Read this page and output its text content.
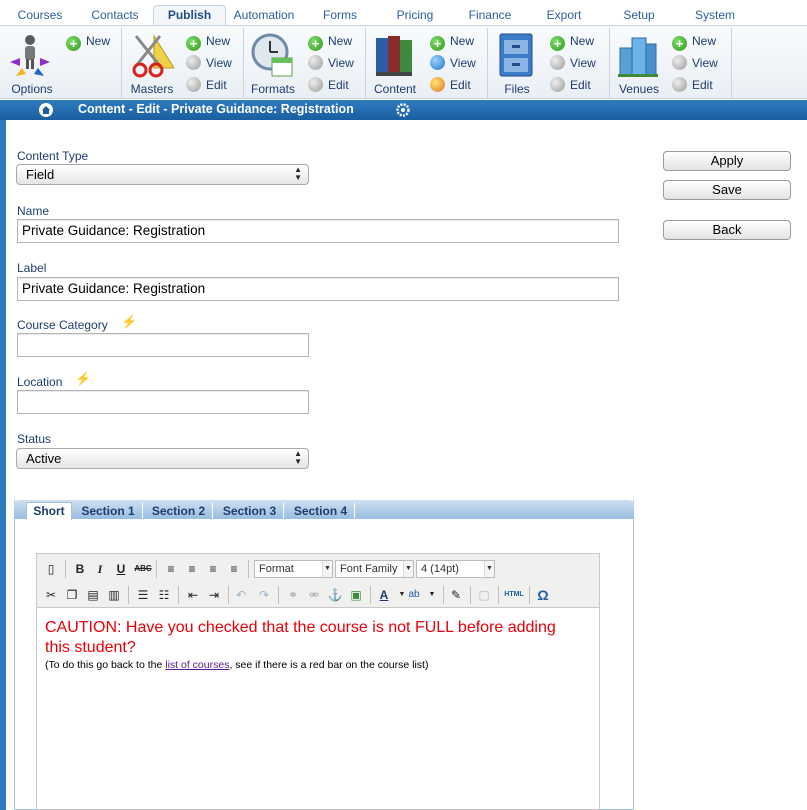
Courses	Contacts	Publish	Automation	Forms	Pricing	Finance	Export	Setup	System
Options
+ New
Masters
+ New
View
Edit Formats
+ New
View
Edit	Content
+ New
View
Edit	Files
+ New
View
Edit	Venues
+ New
View
Edit
Content - Edit - Private Guidance: Registration
Content Type
Field	▲
▼
Name
Private Guidance: Registration
Label
Private Guidance: Registration
Course Category ⚡
Location ⚡
Status
Active	▲
▼
Apply
Save
Back
Short	Section 1	Section 2	Section 3	Section 4
▯	B	I	U	ABC	≡	≡	≡	≡	Format	▼ Font Family ▼ 4 (14pt)	▼
✂ ❐ ▤ ▥	☰ ☷	⇤ ⇥	↶	↷	⚭ ⚮ ⚓ ▣	A	▼ ab	▼	✎	▢	HTML Ω
CAUTION: Have you checked that the course is not FULL before adding this student?
(To do this go back to the list of courses, see if there is a red bar on the course list)
